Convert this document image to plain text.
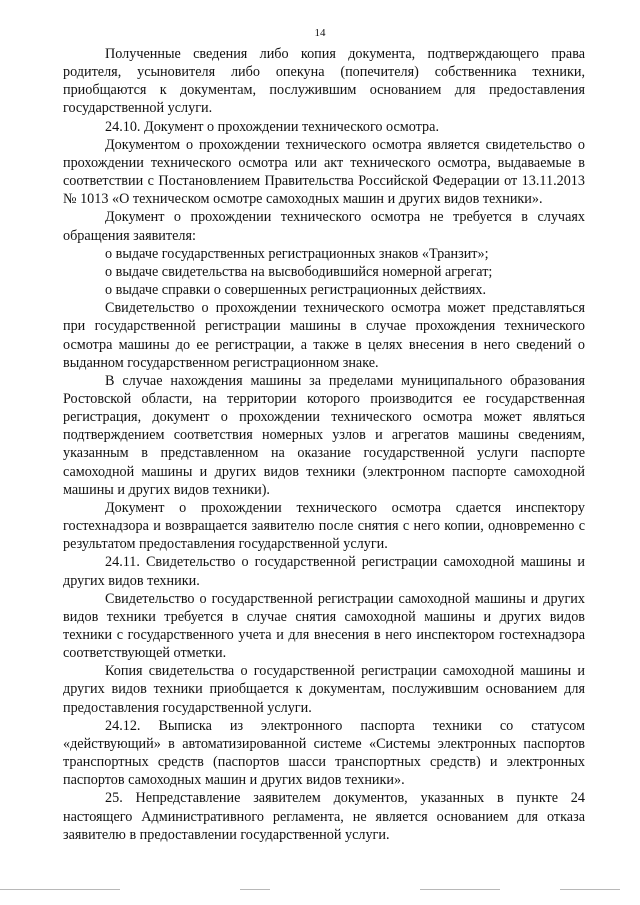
14

Полученные сведения либо копия документа, подтверждающего права родителя, усыновителя либо опекуна (попечителя) собственника техники, приобщаются к документам, послужившим основанием для предоставления государственной услуги.

24.10. Документ о прохождении технического осмотра.

Документом о прохождении технического осмотра является свидетельство о прохождении технического осмотра или акт технического осмотра, выдаваемые в соответствии с Постановлением Правительства Российской Федерации от 13.11.2013 № 1013 «О техническом осмотре самоходных машин и других видов техники».

Документ о прохождении технического осмотра не требуется в случаях обращения заявителя:

о выдаче государственных регистрационных знаков «Транзит»;

о выдаче свидетельства на высвободившийся номерной агрегат;

о выдаче справки о совершенных регистрационных действиях.

Свидетельство о прохождении технического осмотра может представляться при государственной регистрации машины в случае прохождения технического осмотра машины до ее регистрации, а также в целях внесения в него сведений о выданном государственном регистрационном знаке.

В случае нахождения машины за пределами муниципального образования Ростовской области, на территории которого производится ее государственная регистрация, документ о прохождении технического осмотра может являться подтверждением соответствия номерных узлов и агрегатов машины сведениям, указанным в представленном на оказание государственной услуги паспорте самоходной машины и других видов техники (электронном паспорте самоходной машины и других видов техники).

Документ о прохождении технического осмотра сдается инспектору гостехнадзора и возвращается заявителю после снятия с него копии, одновременно с результатом предоставления государственной услуги.

24.11. Свидетельство о государственной регистрации самоходной машины и других видов техники.

Свидетельство о государственной регистрации самоходной машины и других видов техники требуется в случае снятия самоходной машины и других видов техники с государственного учета и для внесения в него инспектором гостехнадзора соответствующей отметки.

Копия свидетельства о государственной регистрации самоходной машины и других видов техники приобщается к документам, послужившим основанием для предоставления государственной услуги.

24.12. Выписка из электронного паспорта техники со статусом «действующий» в автоматизированной системе «Системы электронных паспортов транспортных средств (паспортов шасси транспортных средств) и электронных паспортов самоходных машин и других видов техники».

25. Непредставление заявителем документов, указанных в пункте 24 настоящего Административного регламента, не является основанием для отказа заявителю в предоставлении государственной услуги.
